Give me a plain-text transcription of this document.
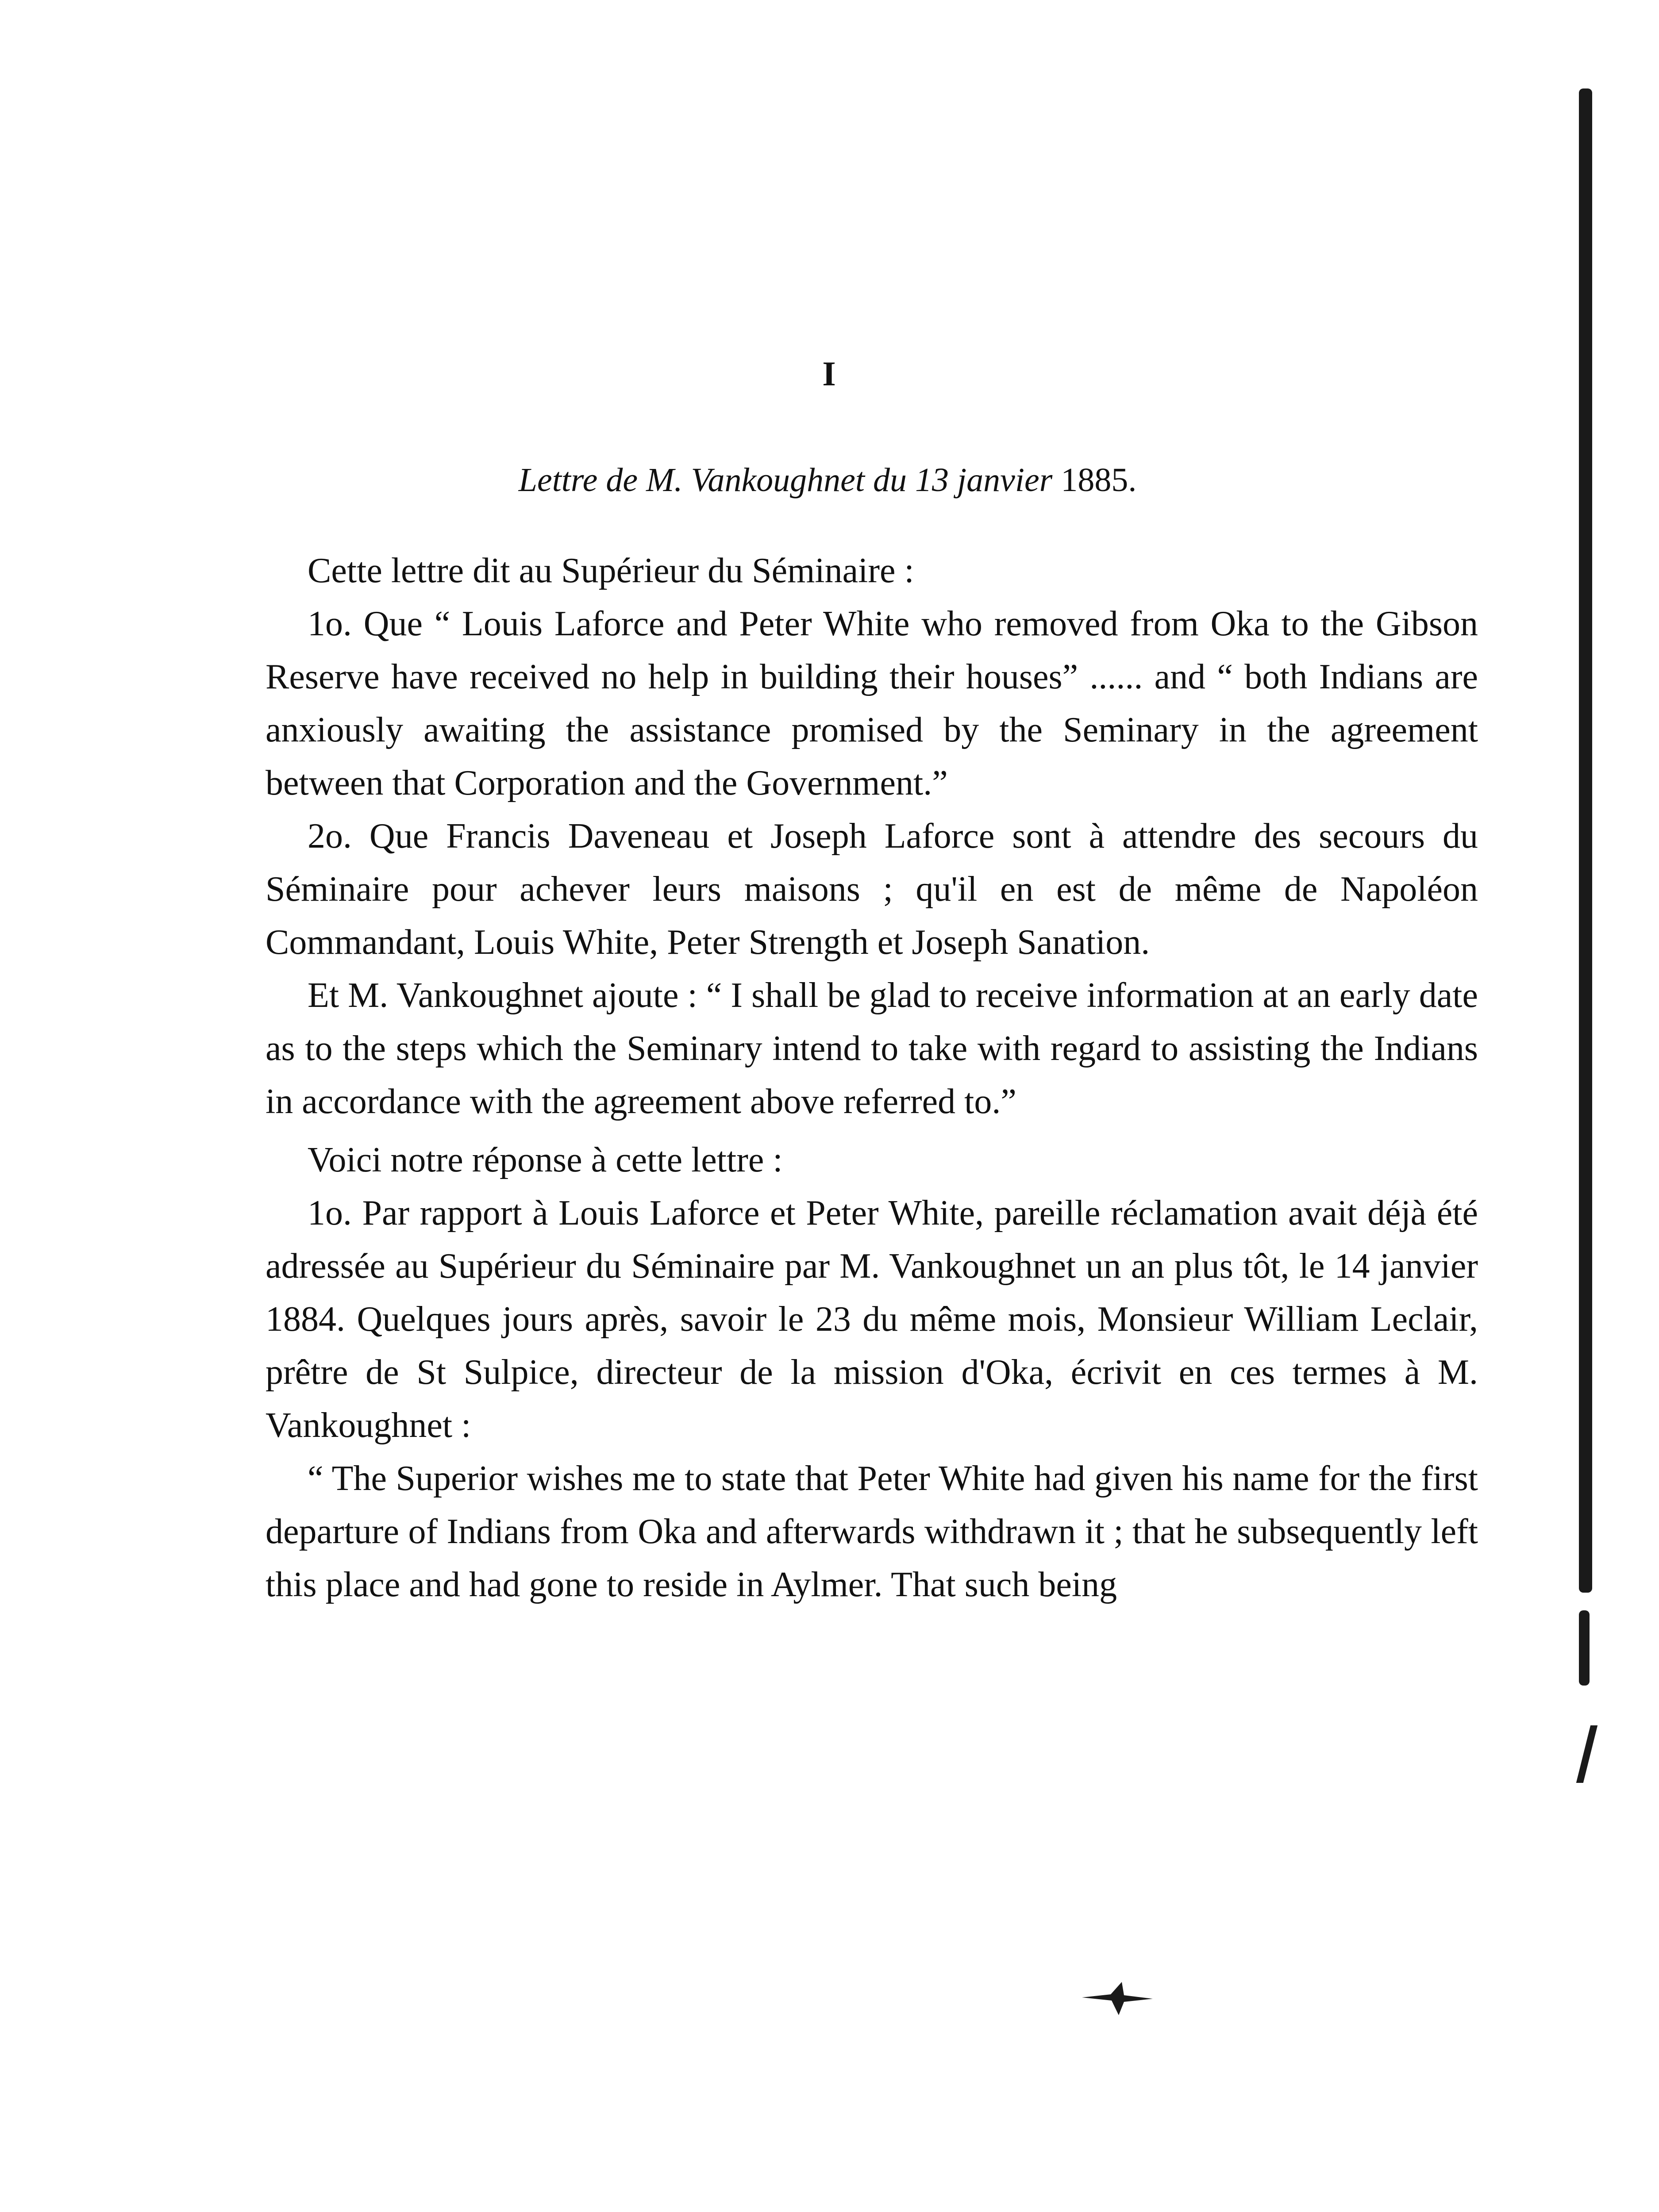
I
Lettre de M. Vankoughnet du 13 janvier 1885.

Cette lettre dit au Supérieur du Séminaire :

1o. Que “ Louis Laforce and Peter White who removed from Oka to the Gibson Reserve have received no help in building their houses” ...... and “ both Indians are anxiously awaiting the assistance promised by the Seminary in the agreement between that Corporation and the Government.”

2o. Que Francis Daveneau et Joseph Laforce sont à attendre des secours du Séminaire pour achever leurs maisons ; qu'il en est de même de Napoléon Commandant, Louis White, Peter Strength et Joseph Sanation.

Et M. Vankoughnet ajoute : “ I shall be glad to receive information at an early date as to the steps which the Seminary intend to take with regard to assisting the Indians in accordance with the agreement above referred to.”

Voici notre réponse à cette lettre :

1o. Par rapport à Louis Laforce et Peter White, pareille réclamation avait déjà été adressée au Supérieur du Séminaire par M. Vankoughnet un an plus tôt, le 14 janvier 1884. Quelques jours après, savoir le 23 du même mois, Monsieur William Leclair, prêtre de St Sulpice, directeur de la mission d'Oka, écrivit en ces termes à M. Vankoughnet :

“ The Superior wishes me to state that Peter White had given his name for the first departure of Indians from Oka and afterwards withdrawn it ; that he subsequently left this place and had gone to reside in Aylmer. That such being
